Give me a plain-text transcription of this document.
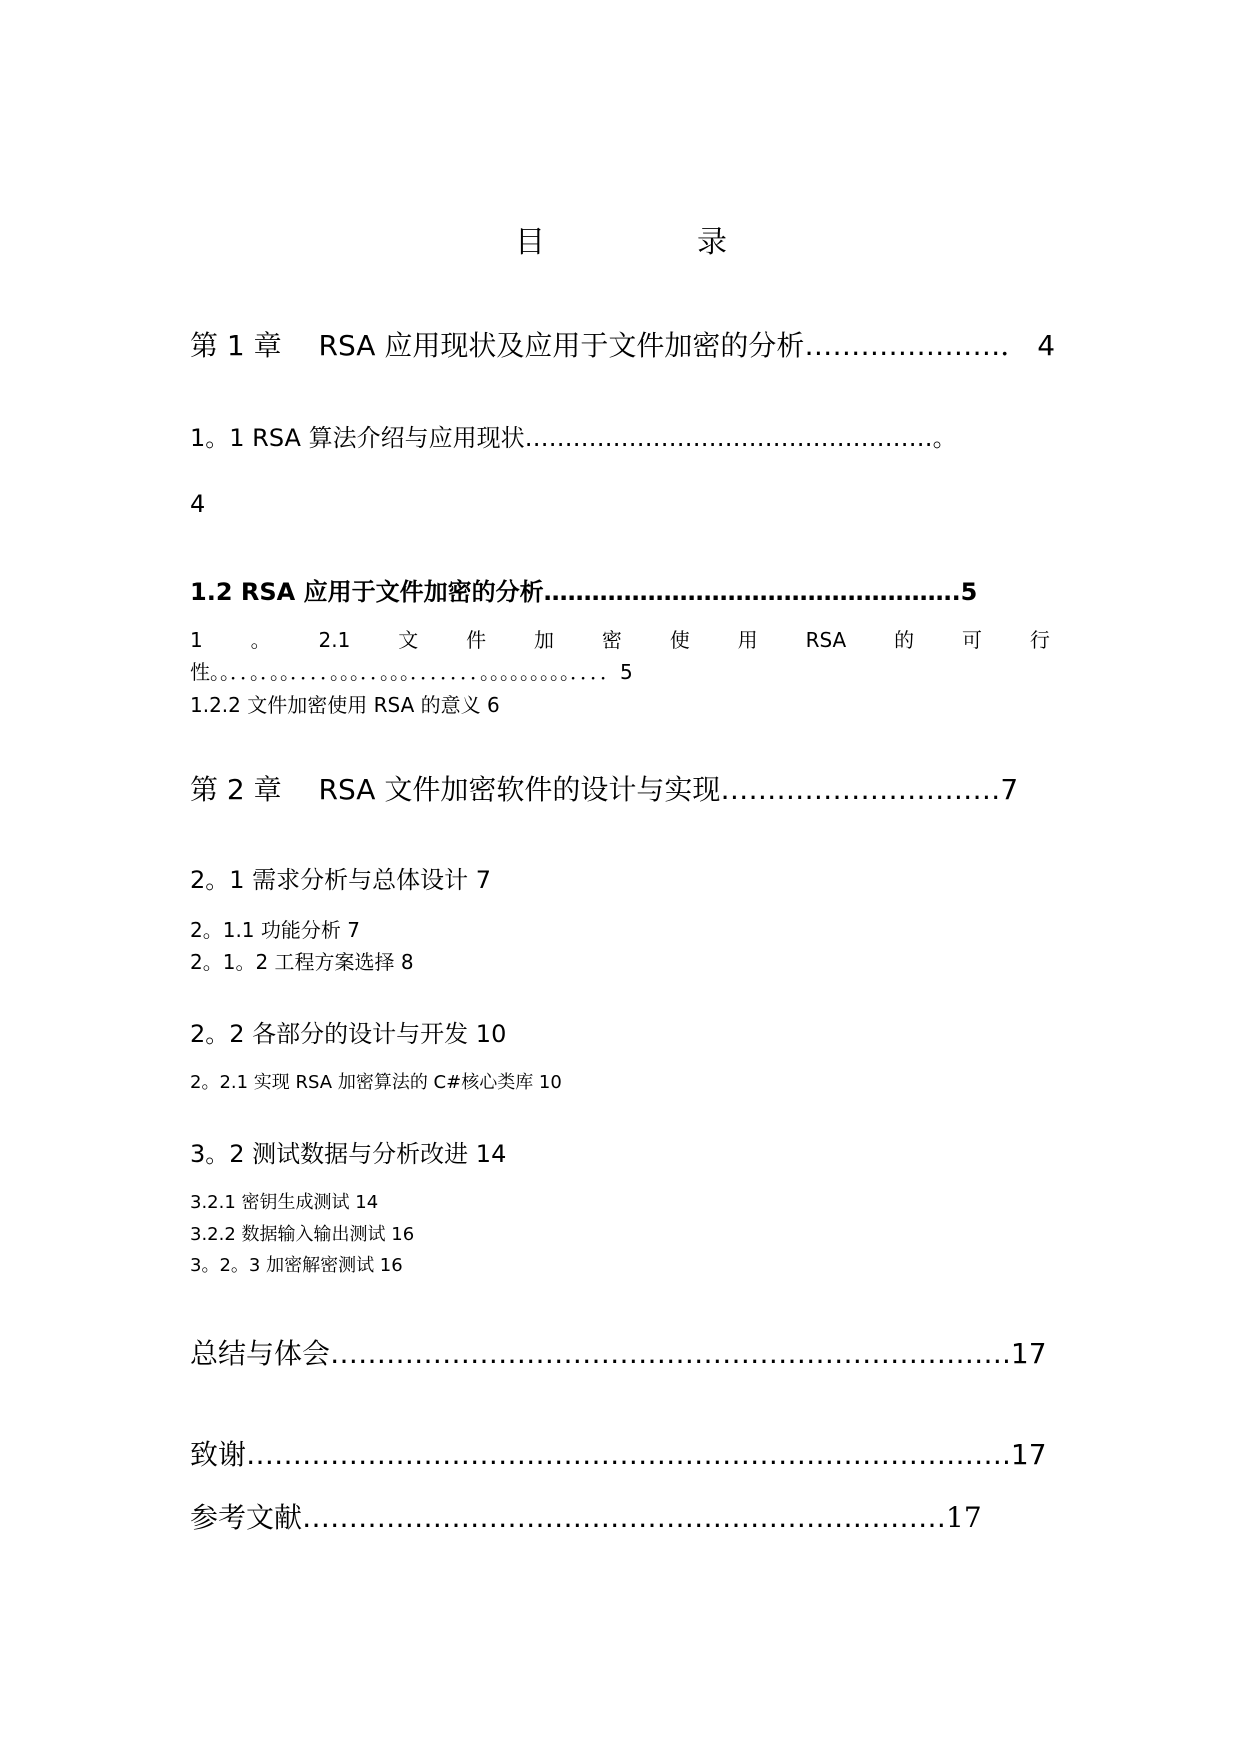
目	录
第 1 章　 RSA 应用现状及应用于文件加密的分析…………………． 4
1。1 RSA 算法介绍与应用现状……………………………………………。
4
1.2 RSA 应用于文件加密的分析…………………………………………….5
1 。 2.1 文 件 加 密 使 用 RSA 的 可 行
性。。．．。．。。．．．．。。。．．。。。．．．．．．．。。。。。。。。。．．．．5
1.2.2 文件加密使用 RSA 的意义 6
第 2 章　 RSA 文件加密软件的设计与实现…………………………7
2。1 需求分析与总体设计 7
2。1.1 功能分析 7
2。1。2 工程方案选择 8
2。2 各部分的设计与开发 10
2。2.1 实现 RSA 加密算法的 C#核心类库 10
3。2 测试数据与分析改进 14
3.2.1 密钥生成测试 14
3.2.2 数据输入输出测试 16
3。2。3 加密解密测试 16
总结与体会……………………………………………………………….17
致谢……………………………………………………………………….17
参考文献……………………………………………………………17
